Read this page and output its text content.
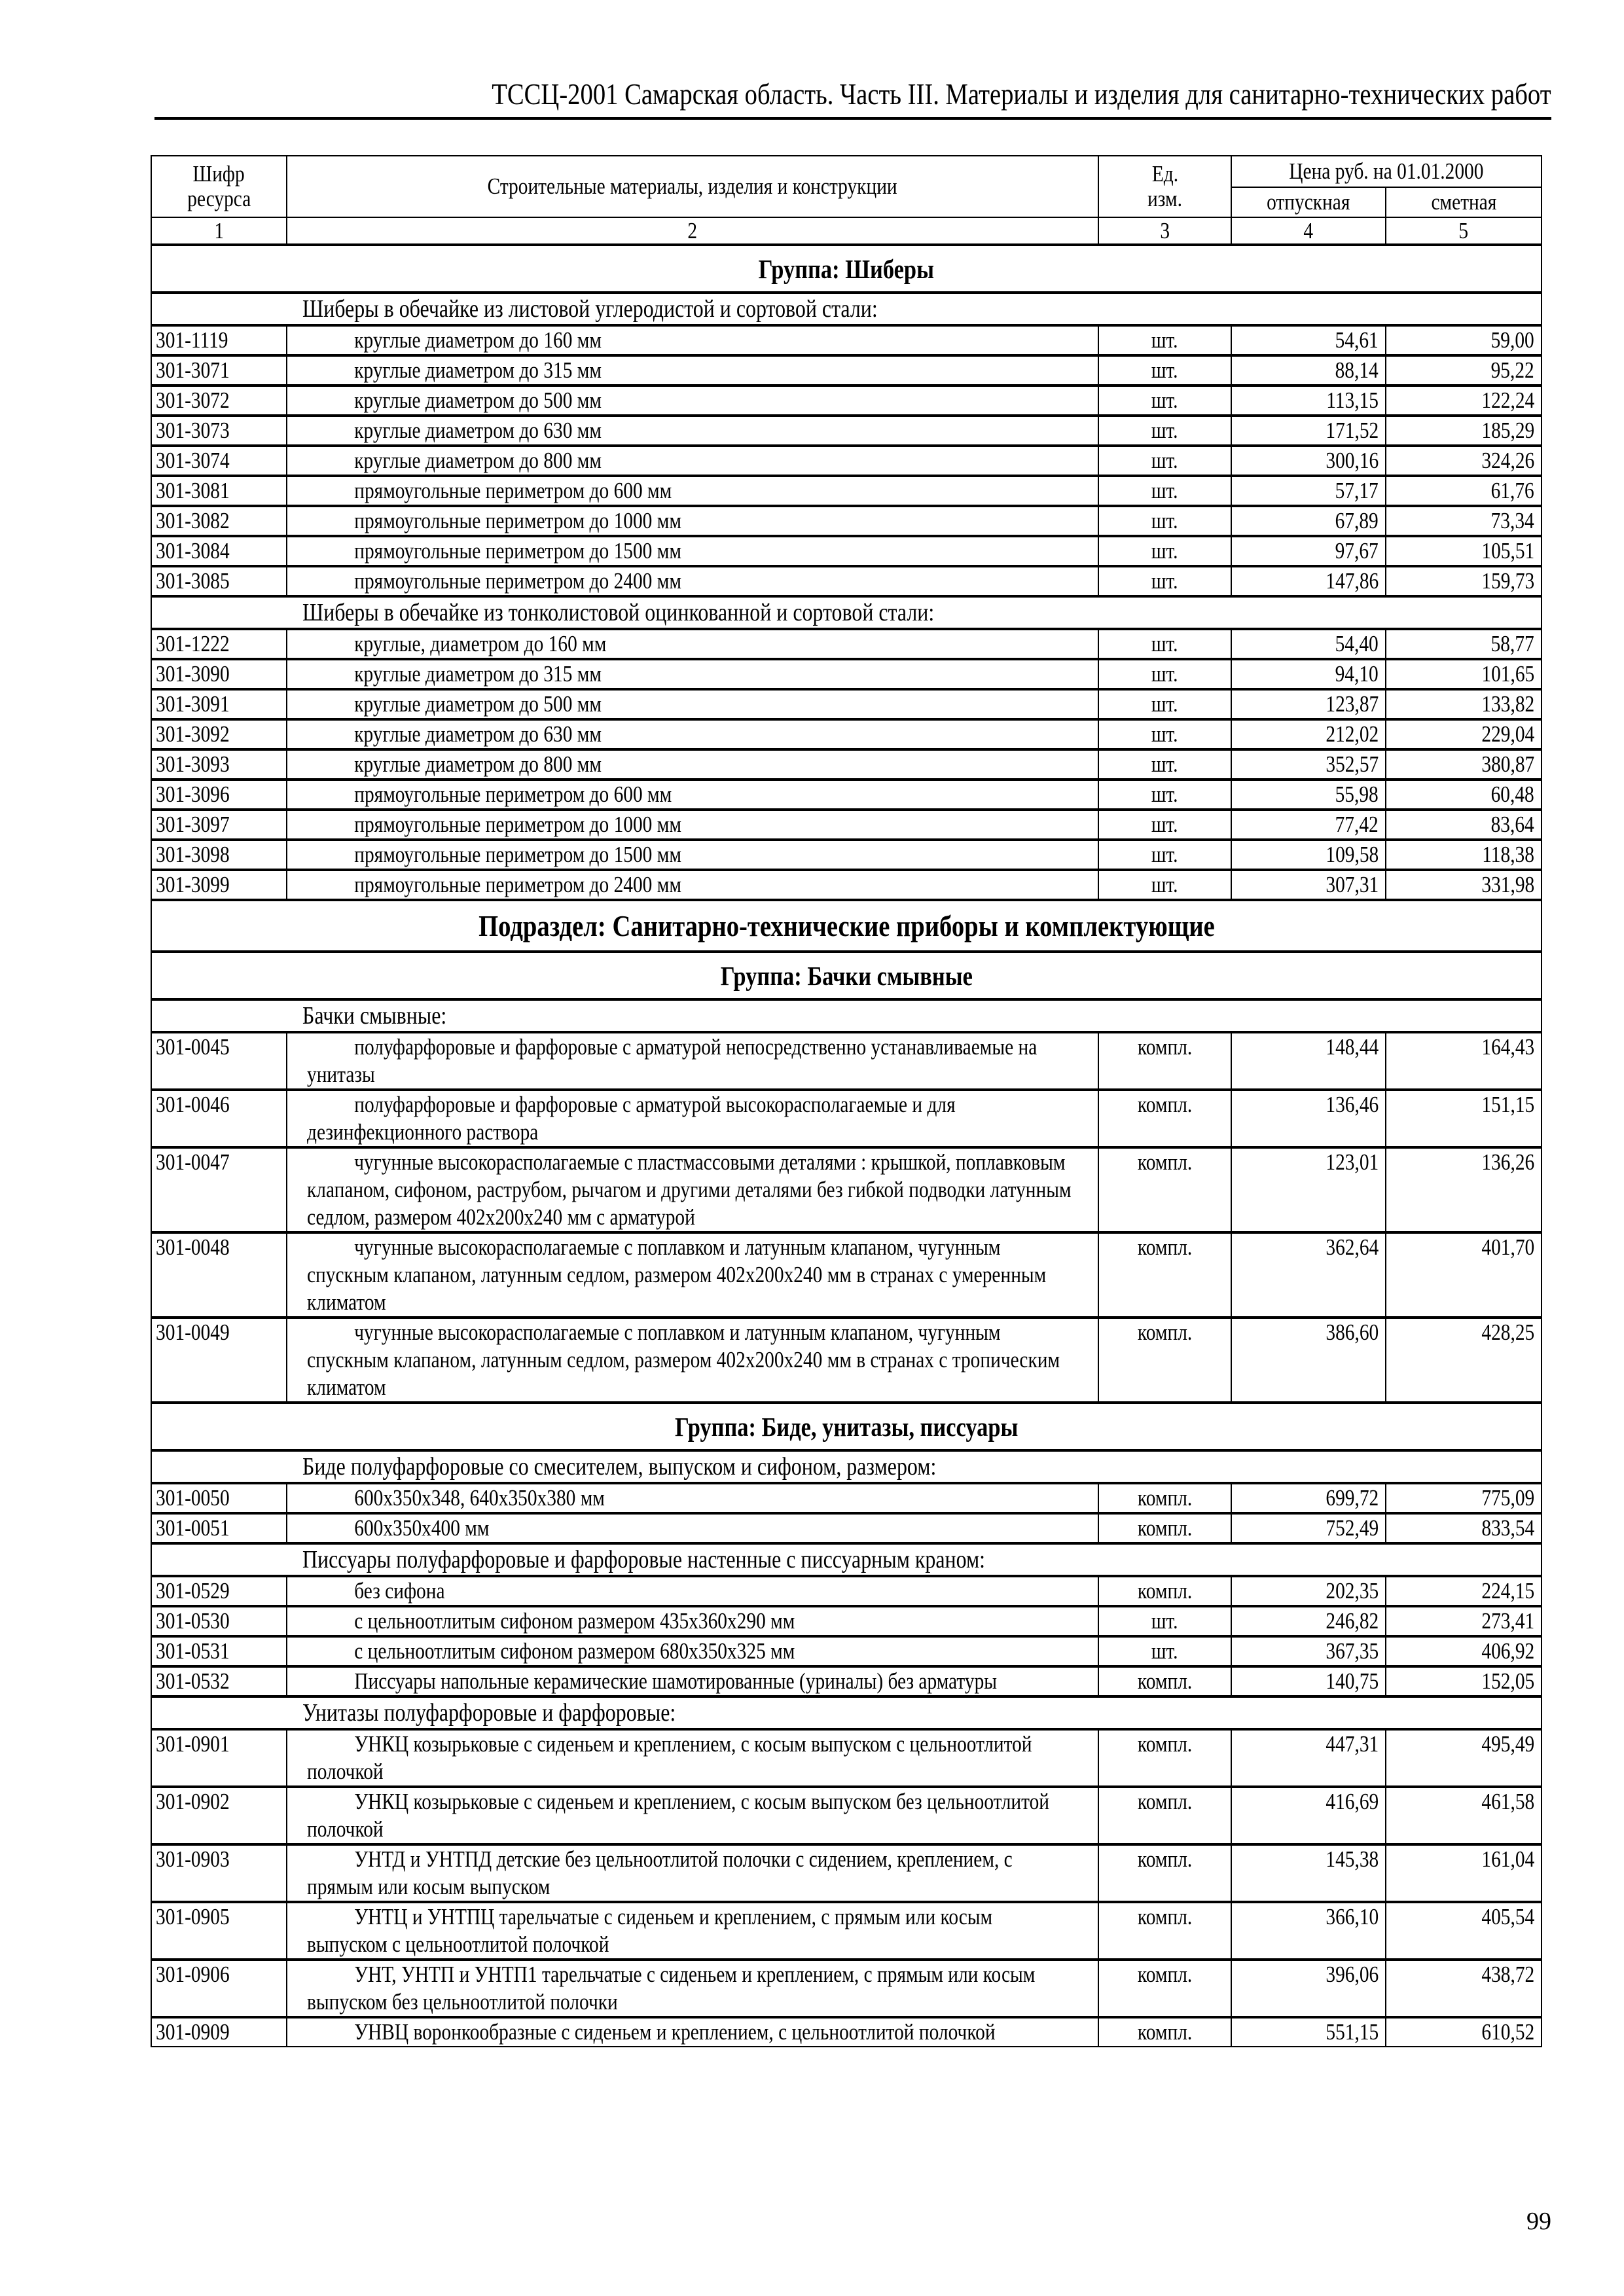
ТССЦ-2001 Самарская область. Часть III. Материалы и изделия для санитарно-технических работ
Шифр
ресурса	Строительные материалы, изделия и конструкции	Ед.
изм.	Цена руб. на 01.01.2000	
			отпускная	сметная
1	2	3	4	5
Группа: Шиберы				
Шиберы в обечайке из листовой углеродистой и сортовой стали:				
301-1119	круглые диаметром до 160 мм	шт.	54,61	59,00
301-3071	круглые диаметром до 315 мм	шт.	88,14	95,22
301-3072	круглые диаметром до 500 мм	шт.	113,15	122,24
301-3073	круглые диаметром до 630 мм	шт.	171,52	185,29
301-3074	круглые диаметром до 800 мм	шт.	300,16	324,26
301-3081	прямоугольные периметром до 600 мм	шт.	57,17	61,76
301-3082	прямоугольные периметром до 1000 мм	шт.	67,89	73,34
301-3084	прямоугольные периметром до 1500 мм	шт.	97,67	105,51
301-3085	прямоугольные периметром до 2400 мм	шт.	147,86	159,73
Шиберы в обечайке из тонколистовой оцинкованной и сортовой стали:				
301-1222	круглые, диаметром до 160 мм	шт.	54,40	58,77
301-3090	круглые диаметром до 315 мм	шт.	94,10	101,65
301-3091	круглые диаметром до 500 мм	шт.	123,87	133,82
301-3092	круглые диаметром до 630 мм	шт.	212,02	229,04
301-3093	круглые диаметром до 800 мм	шт.	352,57	380,87
301-3096	прямоугольные периметром до 600 мм	шт.	55,98	60,48
301-3097	прямоугольные периметром до 1000 мм	шт.	77,42	83,64
301-3098	прямоугольные периметром до 1500 мм	шт.	109,58	118,38
301-3099	прямоугольные периметром до 2400 мм	шт.	307,31	331,98
Подраздел: Санитарно-технические приборы и комплектующие				
Группа: Бачки смывные				
Бачки смывные:				
301-0045	полуфарфоровые и фарфоровые с арматурой непосредственно устанавливаемые на унитазы	компл.	148,44	164,43
301-0046	полуфарфоровые и фарфоровые с арматурой высокорасполагаемые и для дезинфекционного раствора	компл.	136,46	151,15
301-0047	чугунные высокорасполагаемые с пластмассовыми деталями : крышкой, поплавковым клапаном, сифоном, раструбом, рычагом и другими деталями без гибкой подводки латунным седлом, размером 402х200х240 мм с арматурой	компл.	123,01	136,26
301-0048	чугунные высокорасполагаемые с поплавком и латунным клапаном, чугунным спускным клапаном, латунным седлом, размером 402х200х240 мм в странах с умеренным климатом	компл.	362,64	401,70
301-0049	чугунные высокорасполагаемые с поплавком и латунным клапаном, чугунным спускным клапаном, латунным седлом, размером 402х200х240 мм в странах с тропическим климатом	компл.	386,60	428,25
Группа: Биде, унитазы, писсуары				
Биде полуфарфоровые со смесителем, выпуском и сифоном, размером:				
301-0050	600х350х348, 640х350х380 мм	компл.	699,72	775,09
301-0051	600х350х400 мм	компл.	752,49	833,54
Писсуары полуфарфоровые и фарфоровые настенные с писсуарным краном:				
301-0529	без сифона	компл.	202,35	224,15
301-0530	с цельноотлитым сифоном размером 435х360х290 мм	шт.	246,82	273,41
301-0531	с цельноотлитым сифоном размером 680х350х325 мм	шт.	367,35	406,92
301-0532	Писсуары напольные керамические шамотированные (уриналы) без арматуры	компл.	140,75	152,05
Унитазы полуфарфоровые и фарфоровые:				
301-0901	УНКЦ козырьковые с сиденьем и креплением, с косым выпуском с цельноотлитой полочкой	компл.	447,31	495,49
301-0902	УНКЦ козырьковые с сиденьем и креплением, с косым выпуском без цельноотлитой полочкой	компл.	416,69	461,58
301-0903	УНТД и УНТПД детские без цельноотлитой полочки с сидением, креплением, с прямым или косым выпуском	компл.	145,38	161,04
301-0905	УНТЦ и УНТПЦ тарельчатые с сиденьем и креплением, с прямым или косым выпуском с цельноотлитой полочкой	компл.	366,10	405,54
301-0906	УНТ, УНТП и УНТП1 тарельчатые с сиденьем и креплением, с прямым или косым выпуском без цельноотлитой полочки	компл.	396,06	438,72
301-0909	УНВЦ воронкообразные с сиденьем и креплением, с цельноотлитой полочкой	компл.	551,15	610,52
99
